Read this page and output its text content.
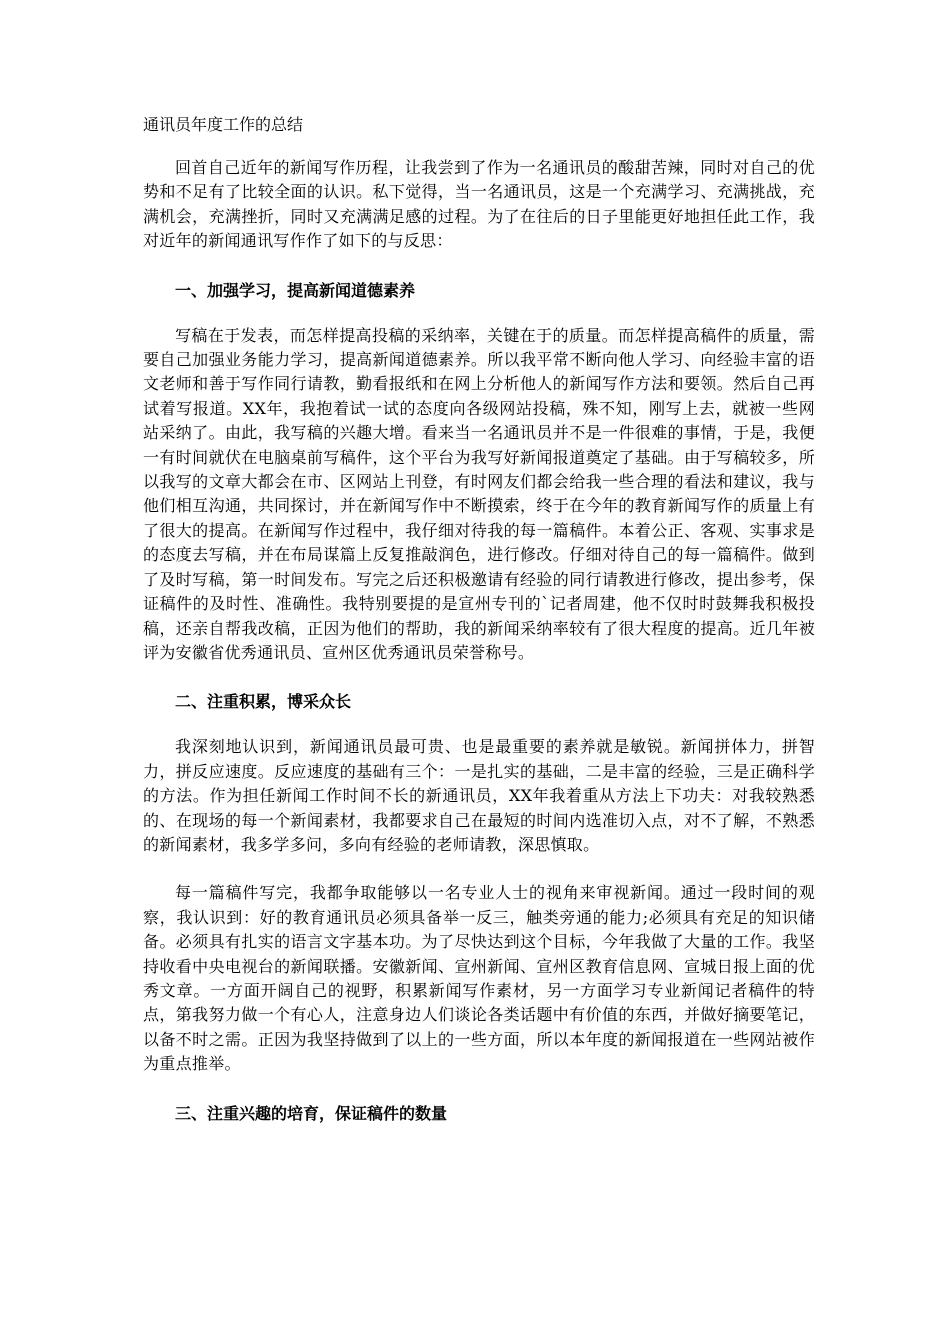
通讯员年度工作的总结

回首自己近年的新闻写作历程，让我尝到了作为一名通讯员的酸甜苦辣，同时对自己的优势和不足有了比较全面的认识。私下觉得，当一名通讯员，这是一个充满学习、充满挑战，充满机会，充满挫折，同时又充满满足感的过程。为了在往后的日子里能更好地担任此工作，我对近年的新闻通讯写作作了如下的与反思：

一、加强学习，提高新闻道德素养

写稿在于发表，而怎样提高投稿的采纳率，关键在于的质量。而怎样提高稿件的质量，需要自己加强业务能力学习，提高新闻道德素养。所以我平常不断向他人学习、向经验丰富的语文老师和善于写作同行请教，勤看报纸和在网上分析他人的新闻写作方法和要领。然后自己再试着写报道。XX年，我抱着试一试的态度向各级网站投稿，殊不知，刚写上去，就被一些网站采纳了。由此，我写稿的兴趣大增。看来当一名通讯员并不是一件很难的事情，于是，我便一有时间就伏在电脑桌前写稿件，这个平台为我写好新闻报道奠定了基础。由于写稿较多，所以我写的文章大都会在市、区网站上刊登，有时网友们都会给我一些合理的看法和建议，我与他们相互沟通，共同探讨，并在新闻写作中不断摸索，终于在今年的教育新闻写作的质量上有了很大的提高。在新闻写作过程中，我仔细对待我的每一篇稿件。本着公正、客观、实事求是的态度去写稿，并在布局谋篇上反复推敲润色，进行修改。仔细对待自己的每一篇稿件。做到了及时写稿，第一时间发布。写完之后还积极邀请有经验的同行请教进行修改，提出参考，保证稿件的及时性、准确性。我特别要提的是宣州专刊的`记者周建，他不仅时时鼓舞我积极投稿，还亲自帮我改稿，正因为他们的帮助，我的新闻采纳率较有了很大程度的提高。近几年被评为安徽省优秀通讯员、宣州区优秀通讯员荣誉称号。

二、注重积累，博采众长

我深刻地认识到，新闻通讯员最可贵、也是最重要的素养就是敏锐。新闻拼体力，拼智力，拼反应速度。反应速度的基础有三个：一是扎实的基础，二是丰富的经验，三是正确科学的方法。作为担任新闻工作时间不长的新通讯员，XX年我着重从方法上下功夫：对我较熟悉的、在现场的每一个新闻素材，我都要求自己在最短的时间内选准切入点，对不了解，不熟悉的新闻素材，我多学多问，多向有经验的老师请教，深思慎取。

每一篇稿件写完，我都争取能够以一名专业人士的视角来审视新闻。通过一段时间的观察，我认识到：好的教育通讯员必须具备举一反三，触类旁通的能力;必须具有充足的知识储备。必须具有扎实的语言文字基本功。为了尽快达到这个目标，今年我做了大量的工作。我坚持收看中央电视台的新闻联播。安徽新闻、宣州新闻、宣州区教育信息网、宣城日报上面的优秀文章。一方面开阔自己的视野，积累新闻写作素材，另一方面学习专业新闻记者稿件的特点，第我努力做一个有心人，注意身边人们谈论各类话题中有价值的东西，并做好摘要笔记，以备不时之需。正因为我坚持做到了以上的一些方面，所以本年度的新闻报道在一些网站被作为重点推举。

三、注重兴趣的培育，保证稿件的数量
